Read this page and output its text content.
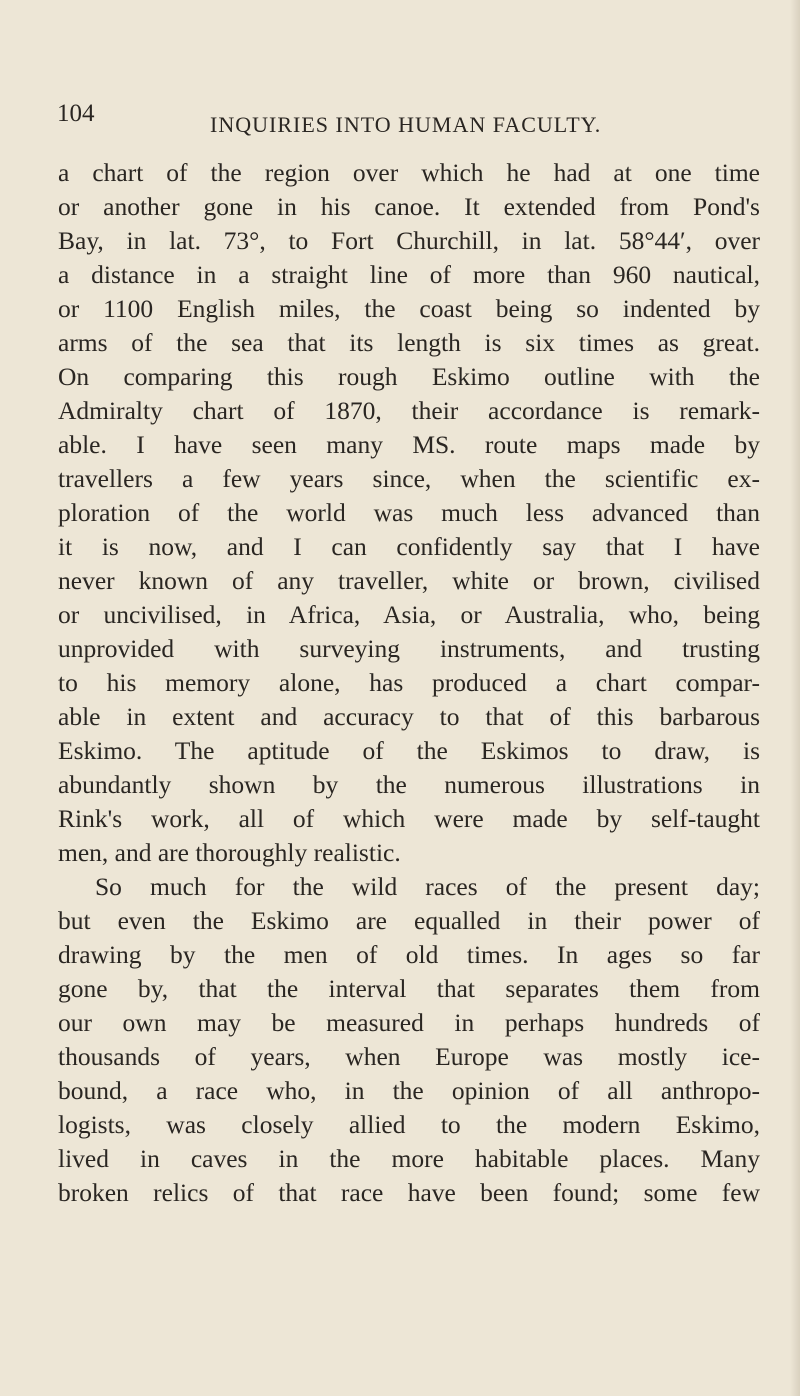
104	INQUIRIES INTO HUMAN FACULTY.
a chart of the region over which he had at one time
or another gone in his canoe. It extended from Pond's
Bay, in lat. 73°, to Fort Churchill, in lat. 58°44′, over
a distance in a straight line of more than 960 nautical,
or 1100 English miles, the coast being so indented by
arms of the sea that its length is six times as great.
On comparing this rough Eskimo outline with the
Admiralty chart of 1870, their accordance is remark-
able. I have seen many MS. route maps made by
travellers a few years since, when the scientific ex-
ploration of the world was much less advanced than
it is now, and I can confidently say that I have
never known of any traveller, white or brown, civilised
or uncivilised, in Africa, Asia, or Australia, who, being
unprovided with surveying instruments, and trusting
to his memory alone, has produced a chart compar-
able in extent and accuracy to that of this barbarous
Eskimo. The aptitude of the Eskimos to draw, is
abundantly shown by the numerous illustrations in
Rink's work, all of which were made by self-taught
men, and are thoroughly realistic.
So much for the wild races of the present day;
but even the Eskimo are equalled in their power of
drawing by the men of old times. In ages so far
gone by, that the interval that separates them from
our own may be measured in perhaps hundreds of
thousands of years, when Europe was mostly ice-
bound, a race who, in the opinion of all anthropo-
logists, was closely allied to the modern Eskimo,
lived in caves in the more habitable places. Many
broken relics of that race have been found; some few
